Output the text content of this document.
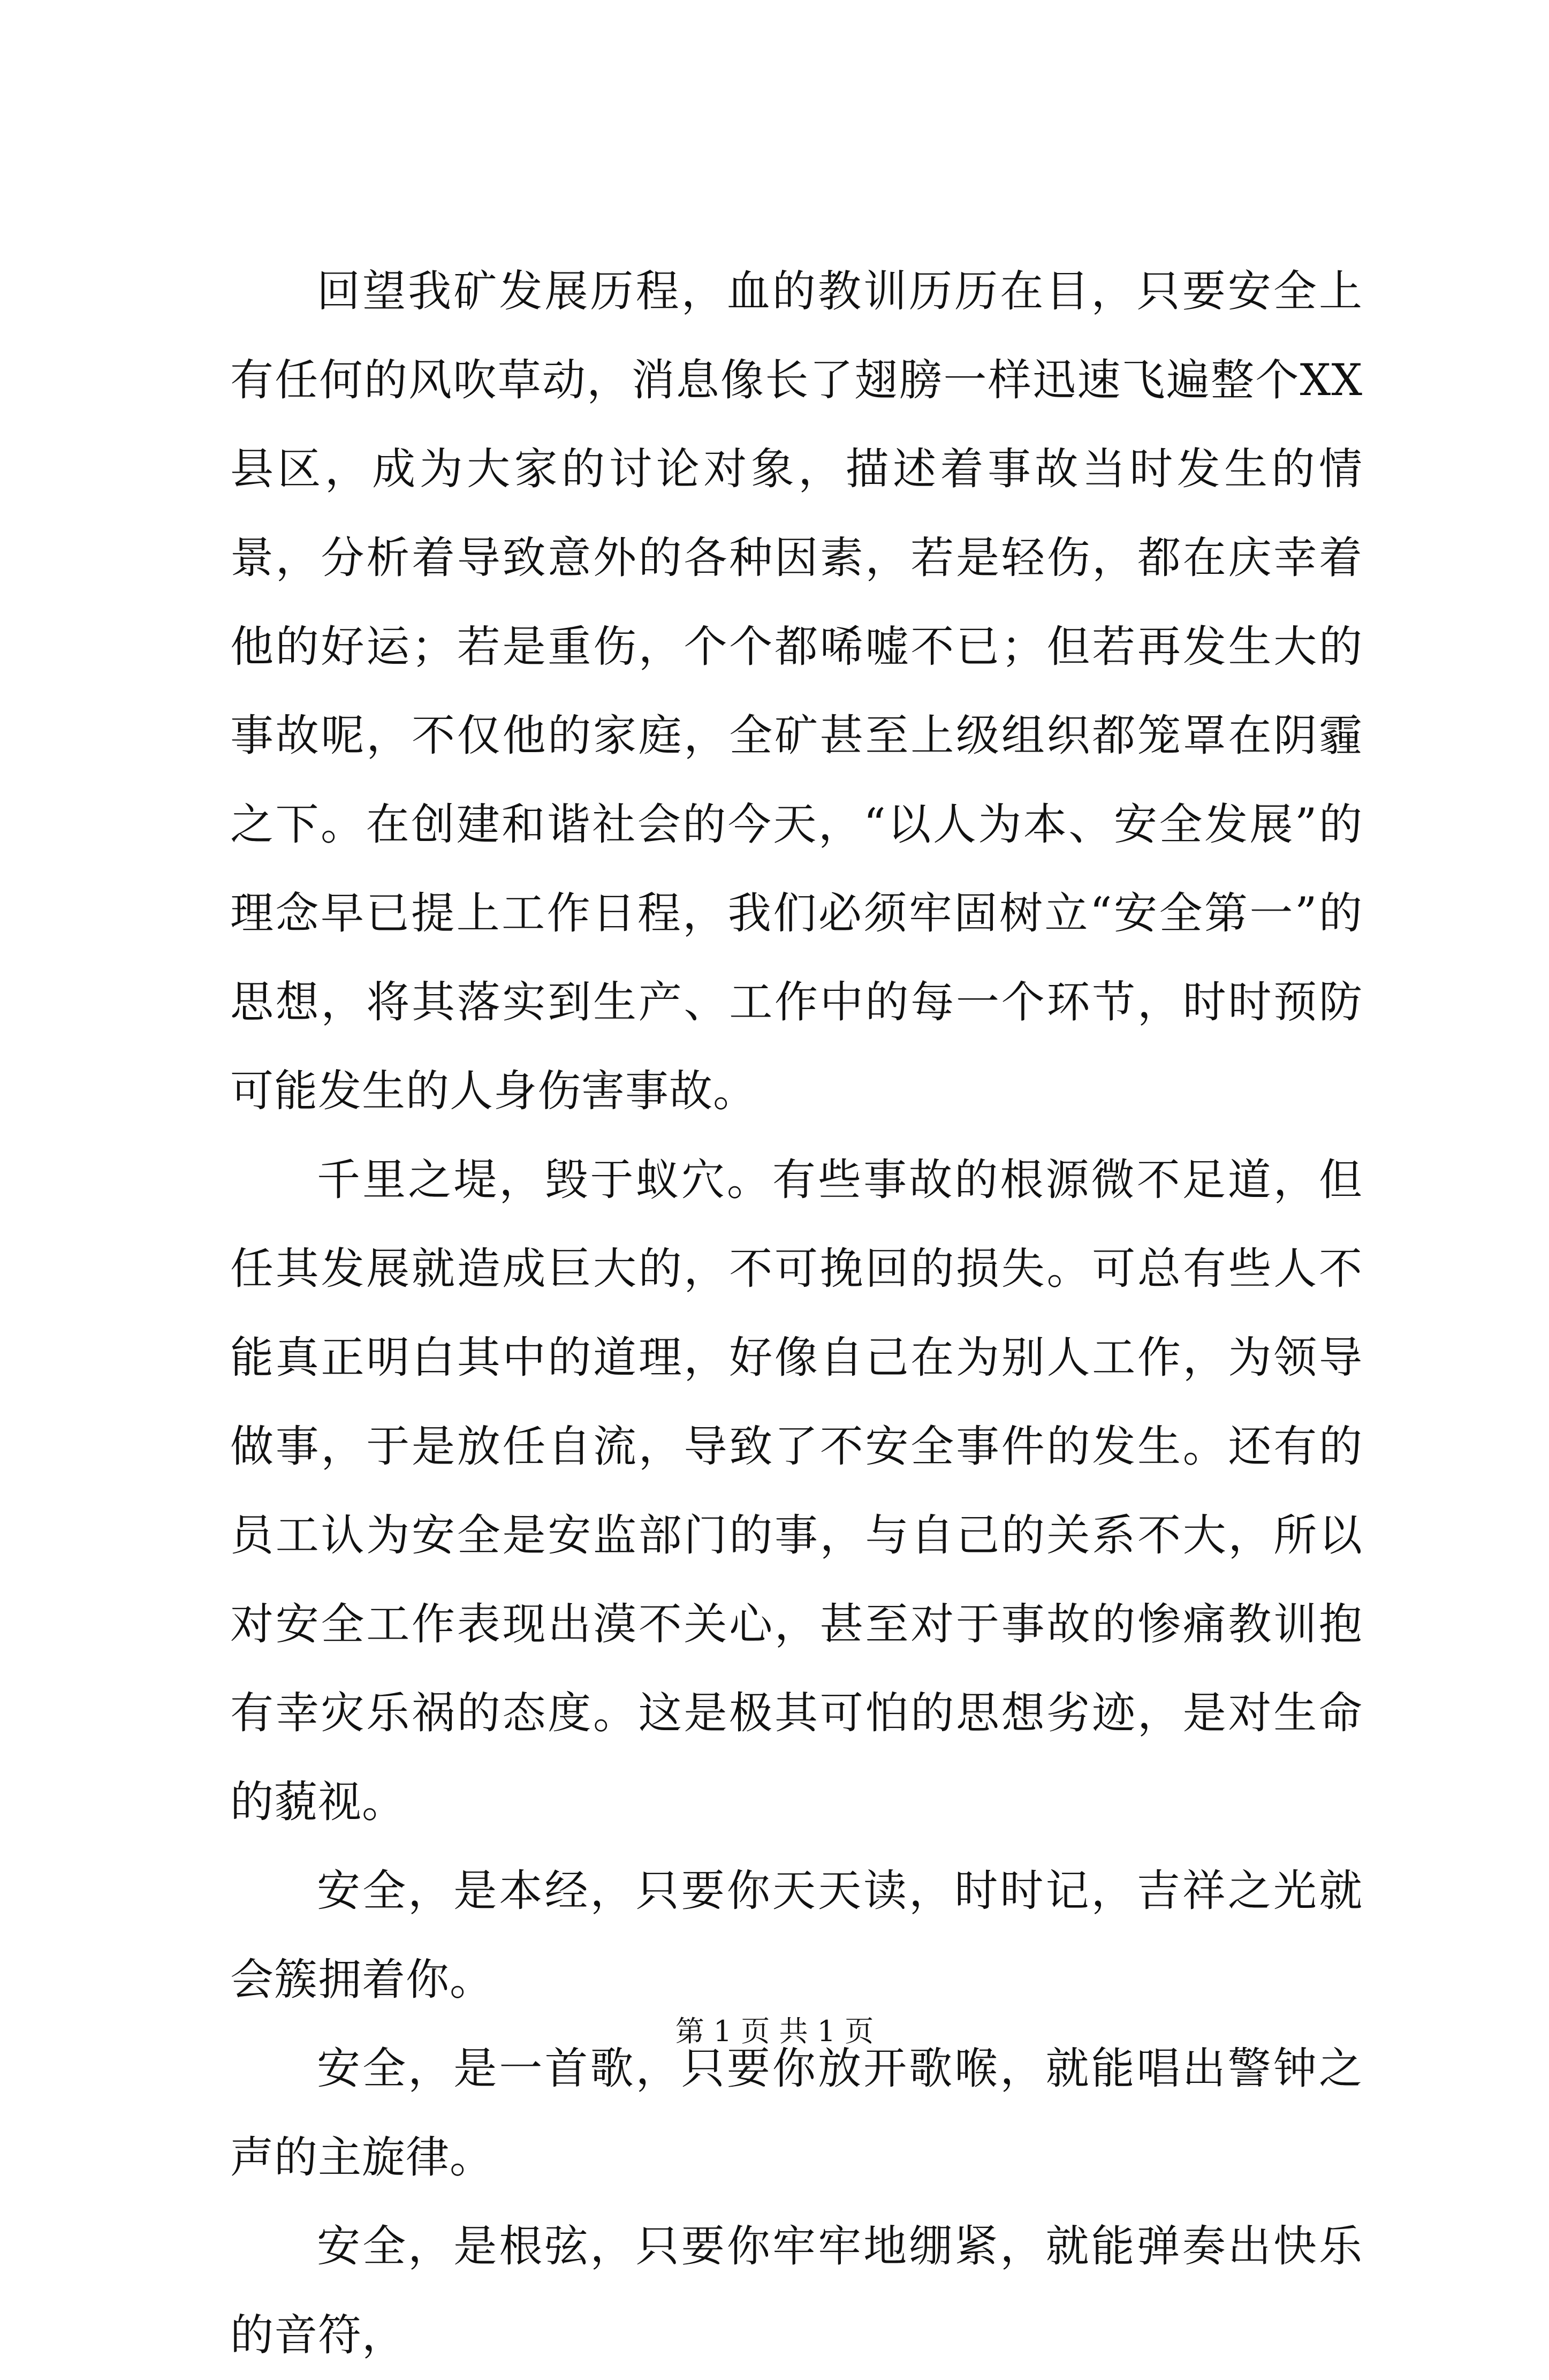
回望我矿发展历程，血的教训历历在目，只要安全上有任何的风吹草动，消息像长了翅膀一样迅速飞遍整个XX县区，成为大家的讨论对象，描述着事故当时发生的情景，分析着导致意外的各种因素，若是轻伤，都在庆幸着他的好运；若是重伤，个个都唏嘘不已；但若再发生大的事故呢，不仅他的家庭，全矿甚至上级组织都笼罩在阴霾之下。在创建和谐社会的今天，“以人为本、安全发展”的理念早已提上工作日程，我们必须牢固树立“安全第一”的思想，将其落实到生产、工作中的每一个环节，时时预防可能发生的人身伤害事故。

千里之堤，毁于蚁穴。有些事故的根源微不足道，但任其发展就造成巨大的，不可挽回的损失。可总有些人不能真正明白其中的道理，好像自己在为别人工作，为领导做事，于是放任自流，导致了不安全事件的发生。还有的员工认为安全是安监部门的事，与自己的关系不大，所以对安全工作表现出漠不关心，甚至对于事故的惨痛教训抱有幸灾乐祸的态度。这是极其可怕的思想劣迹，是对生命的藐视。

安全，是本经，只要你天天读，时时记，吉祥之光就会簇拥着你。

安全，是一首歌，只要你放开歌喉，就能唱出警钟之声的主旋律。

安全，是根弦，只要你牢牢地绷紧，就能弹奏出快乐的音符，

第 1 页 共 1 页
